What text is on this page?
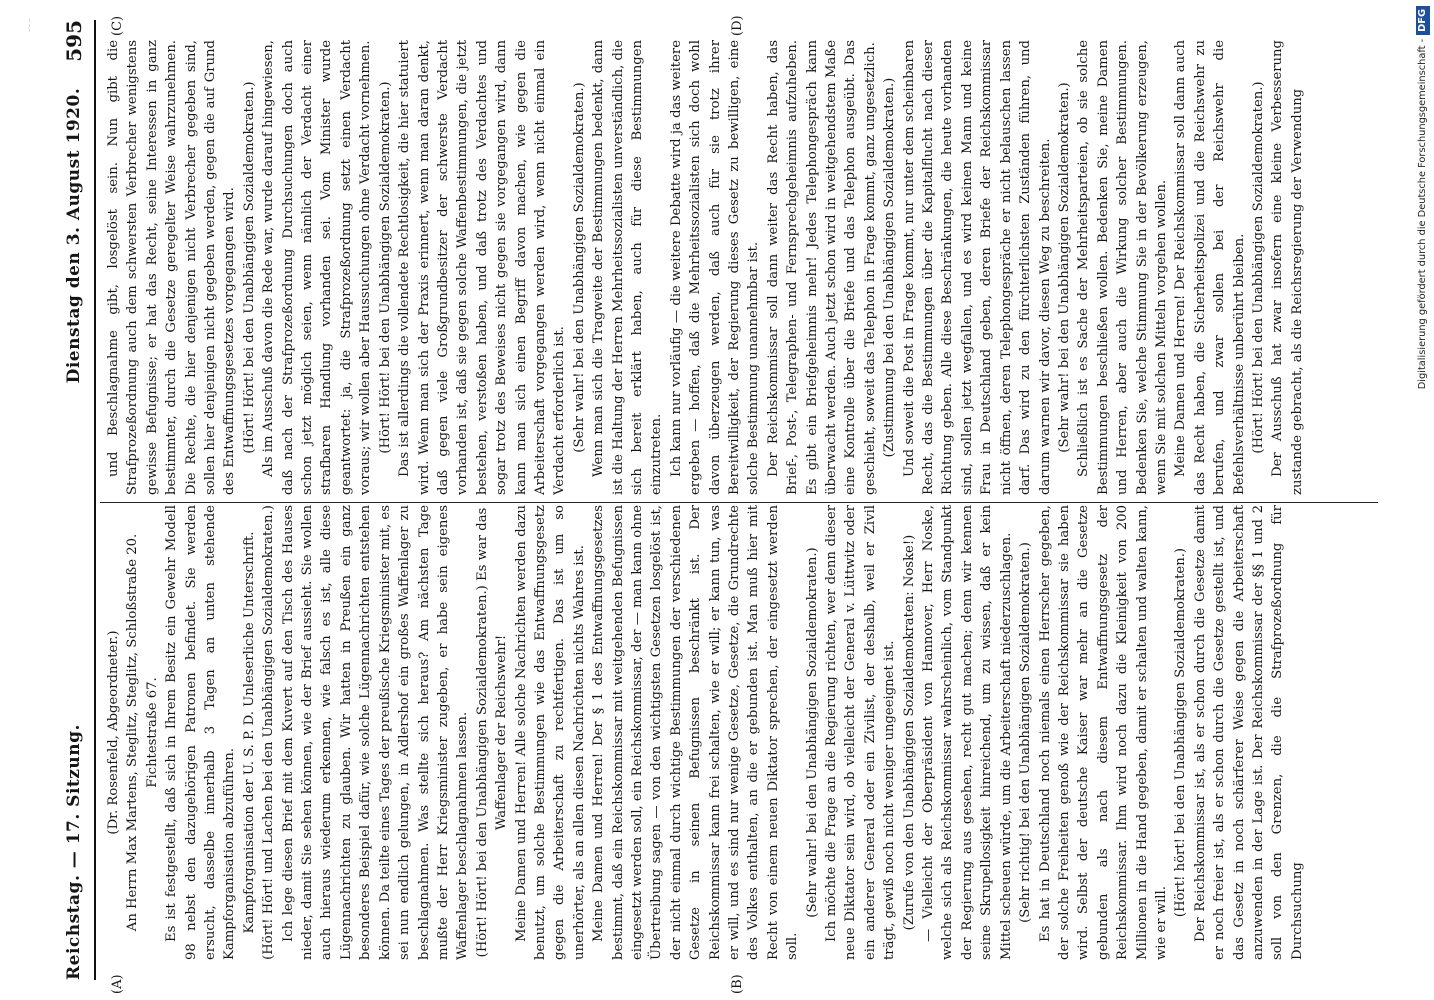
Reichstag. — 17. Sitzung.
Dienstag den 3. August 1920.
595
(A)	(B)
(C)	(D)

(Dr. Rosenfeld, Abgeordneter.) An Herrn Max Martens, Steglitz, Steglitz, Schloßstraße 20. Fichtestraße 67. Es ist festgestellt, daß sich in Ihrem Besitz ein Gewehr Modell 98 nebst den dazugehörigen Patronen befindet. Sie werden ersucht, dasselbe innerhalb 3 Tagen an unten stehende Kampforganisation abzuführen. Kampforganisation der U. S. P. D. Unleserliche Unterschrift. (Hört! Hört! und Lachen bei den Unabhängigen Sozialdemokraten.) Ich lege diesen Brief mit dem Kuvert auf den Tisch des Hauses nieder, damit Sie sehen können, wie der Brief aussieht. Sie wollen auch hieraus wiederum erkennen, wie falsch es ist, alle diese Lügennachrichten zu glauben. Wir hatten in Preußen ein ganz besonderes Beispiel dafür, wie solche Lügennachrichten entstehen können. Da teilte eines Tages der preußische Kriegsminister mit, es sei nun endlich gelungen, in Adlershof ein großes Waffenlager zu beschlagnahmen. Was stellte sich heraus? Am nächsten Tage mußte der Herr Kriegsminister zugeben, er habe sein eigenes Waffenlager beschlagnahmen lassen. (Hört! Hört! bei den Unabhängigen Sozialdemokraten.) Es war das Waffenlager der Reichswehr! Meine Damen und Herren! Alle solche Nachrichten werden dazu benutzt, um solche Bestimmungen wie das Entwaffnungsgesetz gegen die Arbeiterschaft zu rechtfertigen. Das ist um so unerhörter, als an allen diesen Nachrichten nichts Wahres ist. Meine Damen und Herren! Der § 1 des Entwaffnungsgesetzes bestimmt, daß ein Reichskommissar mit weitgehenden Befugnissen eingesetzt werden soll, ein Reichskommissar, der — man kann ohne Übertreibung sagen — von den wichtigsten Gesetzen losgelöst ist, der nicht einmal durch wichtige Bestimmungen der verschiedenen Gesetze in seinen Befugnissen beschränkt ist. Der Reichskommissar kann frei schalten, wie er will; er kann tun, was er will, und es sind nur wenige Gesetze, Gesetze, die Grundrechte des Volkes enthalten, an die er gebunden ist. Man muß hier mit Recht von einem neuen Diktator sprechen, der eingesetzt werden soll.

(Sehr wahr! bei den Unabhängigen Sozialdemokraten.) Ich möchte die Frage an die Regierung richten, wer denn dieser neue Diktator sein wird, ob vielleicht der General v. Lüttwitz oder ein anderer General oder ein Zivilist, der deshalb, weil er Zivil trägt, gewiß noch nicht weniger ungeeignet ist. (Zurufe von den Unabhängigen Sozialdemokraten: Noske!) — Vielleicht der Oberpräsident von Hannover, Herr Noske, welche sich als Reichskommissar wahrscheinlich, vom Standpunkt der Regierung aus gesehen, recht gut machen; denn wir kennen seine Skrupellosigkeit hinreichend, um zu wissen, daß er kein Mittel scheuen würde, um die Arbeiterschaft niederzuschlagen. (Sehr richtig! bei den Unabhängigen Sozialdemokraten.) Es hat in Deutschland noch niemals einen Herrscher gegeben, der solche Freiheiten genoß wie der Reichskommissar sie haben wird. Selbst der deutsche Kaiser war mehr an die Gesetze gebunden als nach diesem Entwaffnungsgesetz der Reichskommissar. Ihm wird noch dazu die Kleinigkeit von 200 Millionen in die Hand gegeben, damit er schalten und walten kann, wie er will.

(Hört! hört! bei den Unabhängigen Sozialdemokraten.) Der Reichskommissar ist, als er schon durch die Gesetze damit er noch freier ist, als er schon durch die Gesetze gestellt ist, und das Gesetz in noch schärferer Weise gegen die Arbeiterschaft anzuwenden in der Lage ist. Der Reichskommissar der §§ 1 und 2 soll von den Grenzen, die die Strafprozeßordnung für Durchsuchung

und Beschlagnahme gibt, losgelöst sein. Nun gibt die Strafprozeßordnung auch dem schwersten Verbrecher wenigstens gewisse Befugnisse; er hat das Recht, seine Interessen in ganz bestimmter, durch die Gesetze geregelter Weise wahrzunehmen. Die Rechte, die hier denjenigen nicht Verbrecher gegeben sind, sollen hier denjenigen nicht gegeben werden, gegen die auf Grund des Entwaffnungsgesetzes vorgegangen wird. (Hört! Hört! bei den Unabhängigen Sozialdemokraten.) Als im Ausschuß davon die Rede war, wurde darauf hingewiesen, daß nach der Strafprozeßordnung Durchsuchungen doch auch schon jetzt möglich seien, wenn nämlich der Verdacht einer strafbaren Handlung vorhanden sei. Vom Minister wurde geantwortet: ja, die Strafprozeßordnung setzt einen Verdacht voraus; wir wollen aber Haussuchungen ohne Verdacht vornehmen. (Hört! Hört! bei den Unabhängigen Sozialdemokraten.) Das ist allerdings die vollendete Rechtlosigkeit, die hier statuiert wird. Wenn man sich der Praxis erinnert, wenn man daran denkt, daß gegen viele Großgrundbesitzer der schwerste Verdacht vorhanden ist, daß sie gegen solche Waffenbestimmungen, die jetzt bestehen, verstoßen haben, und daß trotz des Verdachtes und sogar trotz des Beweises nicht gegen sie vorgegangen wird, dann kann man sich einen Begriff davon machen, wie gegen die Arbeiterschaft vorgegangen werden wird, wenn nicht einmal ein Verdacht erforderlich ist. (Sehr wahr! bei den Unabhängigen Sozialdemokraten.) Wenn man sich die Tragweite der Bestimmungen bedenkt, dann ist die Haltung der Herren Mehrheitssozialisten unverständlich, die sich bereit erklärt haben, auch für diese Bestimmungen einzutreten. Ich kann nur vorläufig — die weitere Debatte wird ja das weitere ergeben — hoffen, daß die Mehrheitssozialisten sich doch wohl davon überzeugen werden, daß auch für sie trotz ihrer Bereitwilligkeit, der Regierung dieses Gesetz zu bewilligen, eine solche Bestimmung unannehmbar ist. Der Reichskommissar soll dann weiter das Recht haben, das Brief-, Post-, Telegraphen- und Fernsprechgeheimnis aufzuheben. Es gibt ein Briefgeheimnis mehr! Jedes Telephongespräch kann überwacht werden. Auch jetzt schon wird in weitgehendstem Maße eine Kontrolle über die Briefe und das Telephon ausgeübt. Das geschieht, soweit das Telephon in Frage kommt, ganz ungesetzlich. (Zustimmung bei den Unabhängigen Sozialdemokraten.) Und soweit die Post in Frage kommt, nur unter dem scheinbaren Recht, das die Bestimmungen über die Kapitalflucht nach dieser Richtung geben. Alle diese Beschränkungen, die heute vorhanden sind, sollen jetzt wegfallen, und es wird keinen Mann und keine Frau in Deutschland geben, deren Briefe der Reichskommissar nicht öffnen, deren Telephongespräche er nicht belauschen lassen darf. Das wird zu den fürchterlichsten Zuständen führen, und darum warnen wir davor, diesen Weg zu beschreiten. (Sehr wahr! bei den Unabhängigen Sozialdemokraten.) Schließlich ist es Sache der Mehrheitsparteien, ob sie solche Bestimmungen beschließen wollen. Bedenken Sie, meine Damen und Herren, aber auch die Wirkung solcher Bestimmungen. Bedenken Sie, welche Stimmung Sie in der Bevölkerung erzeugen, wenn Sie mit solchen Mitteln vorgehen wollen. Meine Damen und Herren! Der Reichskommissar soll dann auch das Recht haben, die Sicherheitspolizei und die Reichswehr zu berufen, und zwar sollen bei der Reichswehr die Befehlsverhältnisse unberührt bleiben. (Hört! Hört! bei den Unabhängigen Sozialdemokraten.) Der Ausschuß hat zwar insofern eine kleine Verbesserung zustande gebracht, als die Reichsregierung der Verwendung	Digitalisierung gefördert durch die Deutsche Forschungsgemeinschaft -DFG
